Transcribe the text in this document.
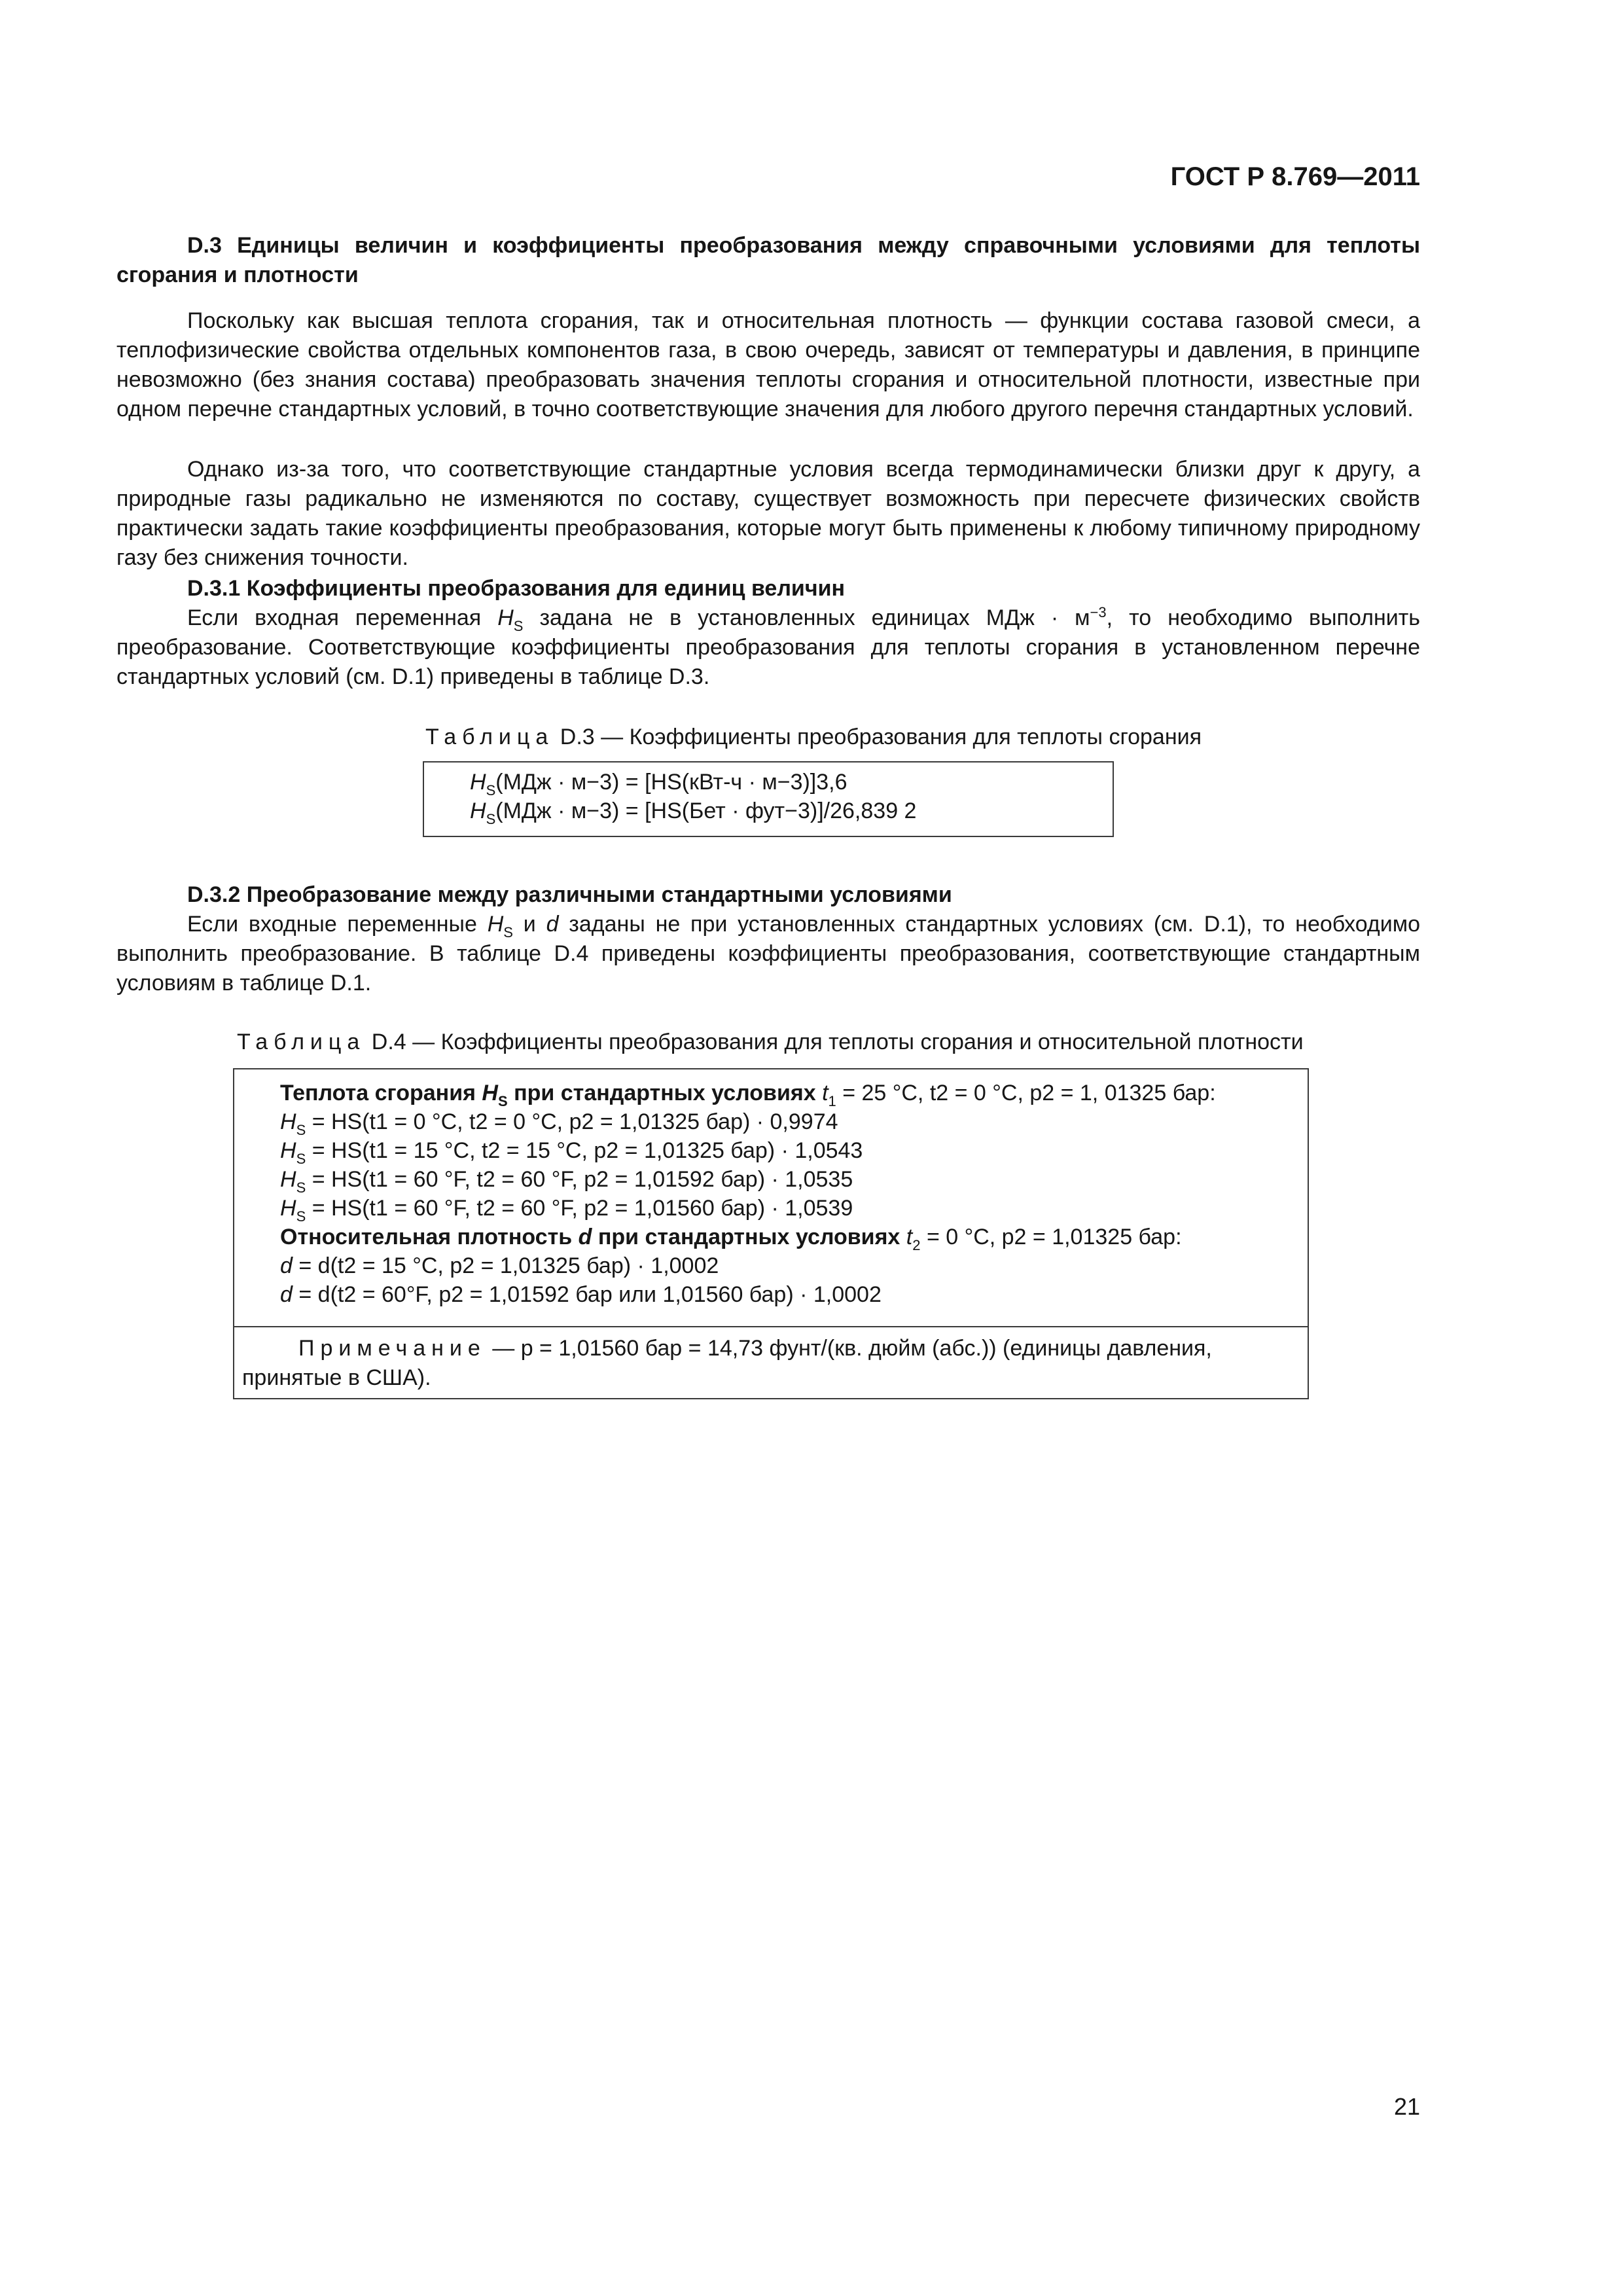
ГОСТ Р 8.769—2011
D.3 Единицы величин и коэффициенты преобразования между справочными условиями для теплоты сгорания и плотности
Поскольку как высшая теплота сгорания, так и относительная плотность — функции состава газовой смеси, а теплофизические свойства отдельных компонентов газа, в свою очередь, зависят от температуры и давления, в принципе невозможно (без знания состава) преобразовать значения теплоты сгорания и относительной плотности, известные при одном перечне стандартных условий, в точно соответствующие значения для любого другого перечня стандартных условий.
Однако из-за того, что соответствующие стандартные условия всегда термодинамически близки друг к другу, а природные газы радикально не изменяются по составу, существует возможность при пересчете физических свойств практически задать такие коэффициенты преобразования, которые могут быть применены к любому типичному природному газу без снижения точности.
D.3.1 Коэффициенты преобразования для единиц величин
Если входная переменная $H_S$ задана не в установленных единицах МДж · $м^{-3}$, то необходимо выполнить преобразование. Соответствующие коэффициенты преобразования для теплоты сгорания в установленном перечне стандартных условий (см. D.1) приведены в таблице D.3.
Таблица D.3 — Коэффициенты преобразования для теплоты сгорания
$H_S(МДж \cdot м-3) = [HS(кВт-ч \cdot м-3)]3,6$
$H_S(МДж \cdot м-3) = [HS(Бет \cdot фут-3)]/26,839$ 2
D.3.2 Преобразование между различными стандартными условиями
Если входные переменные $H_S$ и d заданы не при установленных стандартных условиях (см. D.1), то необходимо выполнить преобразование. В таблице D.4 приведены коэффициенты преобразования, соответствующие стандартным условиям в таблице D.1.
Таблица D.4 — Коэффициенты преобразования для теплоты сгорания и относительной плотности
Теплота сгорания $H_S$ при стандартных условиях $t_1 = 25$ °C, t2 = 0 °C, p2 = 1, 01325 бар:
$H_S = HS(t1 = 0$ °C, t2 = 0 °C, p2 = 1,01325 бар) · 0,9974
$H_S = HS(t1 = 15$ °C, t2 = 15 °C, p2 = 1,01325 бар) · 1,0543
$H_S = HS(t1 = 60$ °F, t2 = 60 °F, p2 = 1,01592 бар) · 1,0535
$H_S = HS(t1 = 60$ °F, t2 = 60 °F, p2 = 1,01560 бар) · 1,0539
Относительная плотность d при стандартных условиях $t_2 = 0$ °C, p2 = 1,01325 бар:
d = d(t2 = 15 °C, p2 = 1,01325 бар) · 1,0002
d = d(t2 = 60°F, p2 = 1,01592 бар или 1,01560 бар) · 1,0002
Примечание — p = 1,01560 бар = 14,73 фунт/(кв. дюйм (абс.)) (единицы давления, принятые в США).
21
